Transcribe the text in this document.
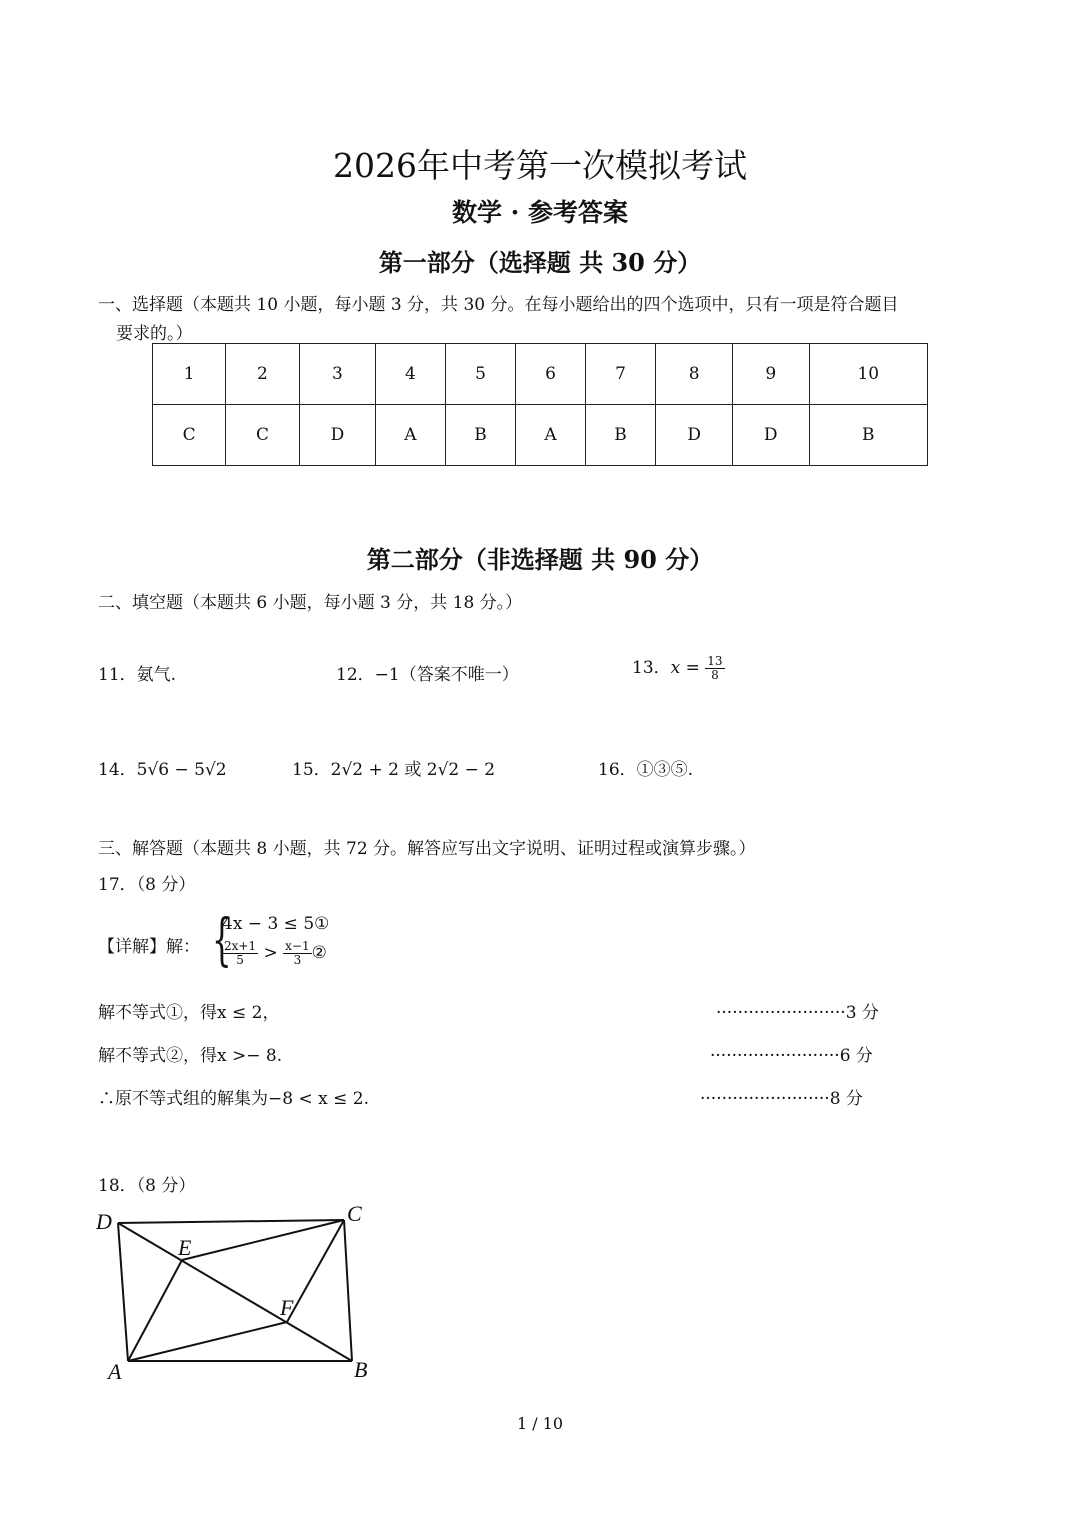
2026年中考第一次模拟考试
数学 · 参考答案
第一部分（选择题 共 30 分）
一、选择题（本题共 10 小题，每小题 3 分，共 30 分。在每小题给出的四个选项中，只有一项是符合题目
要求的。）
1	2	3	4	5	6	7	8	9	10
C	C	D	A	B	A	B	D	D	B
第二部分（非选择题 共 90 分）
二、填空题（本题共 6 小题，每小题 3 分，共 18 分。）
11．氨气.	12．−1（答案不唯一）	13．$x = \frac{13}{8}$
14．5√6 − 5√2	15．2√2 + 2 或 2√2 − 2	16．①③⑤.
三、解答题（本题共 8 小题，共 72 分。解答应写出文字说明、证明过程或演算步骤。）
17．（8 分）
【详解】解： {
4x − 3 ≤ 5①
$\frac{2x+1}{5} > \frac{x-1}{3}$ ②
解不等式①，得x ≤ 2，	························3 分
解不等式②，得x >− 8.	························6 分
∴原不等式组的解集为−8 < x ≤ 2.	························8 分
18．（8 分）
D	C
E
F
A	B
1 / 10
